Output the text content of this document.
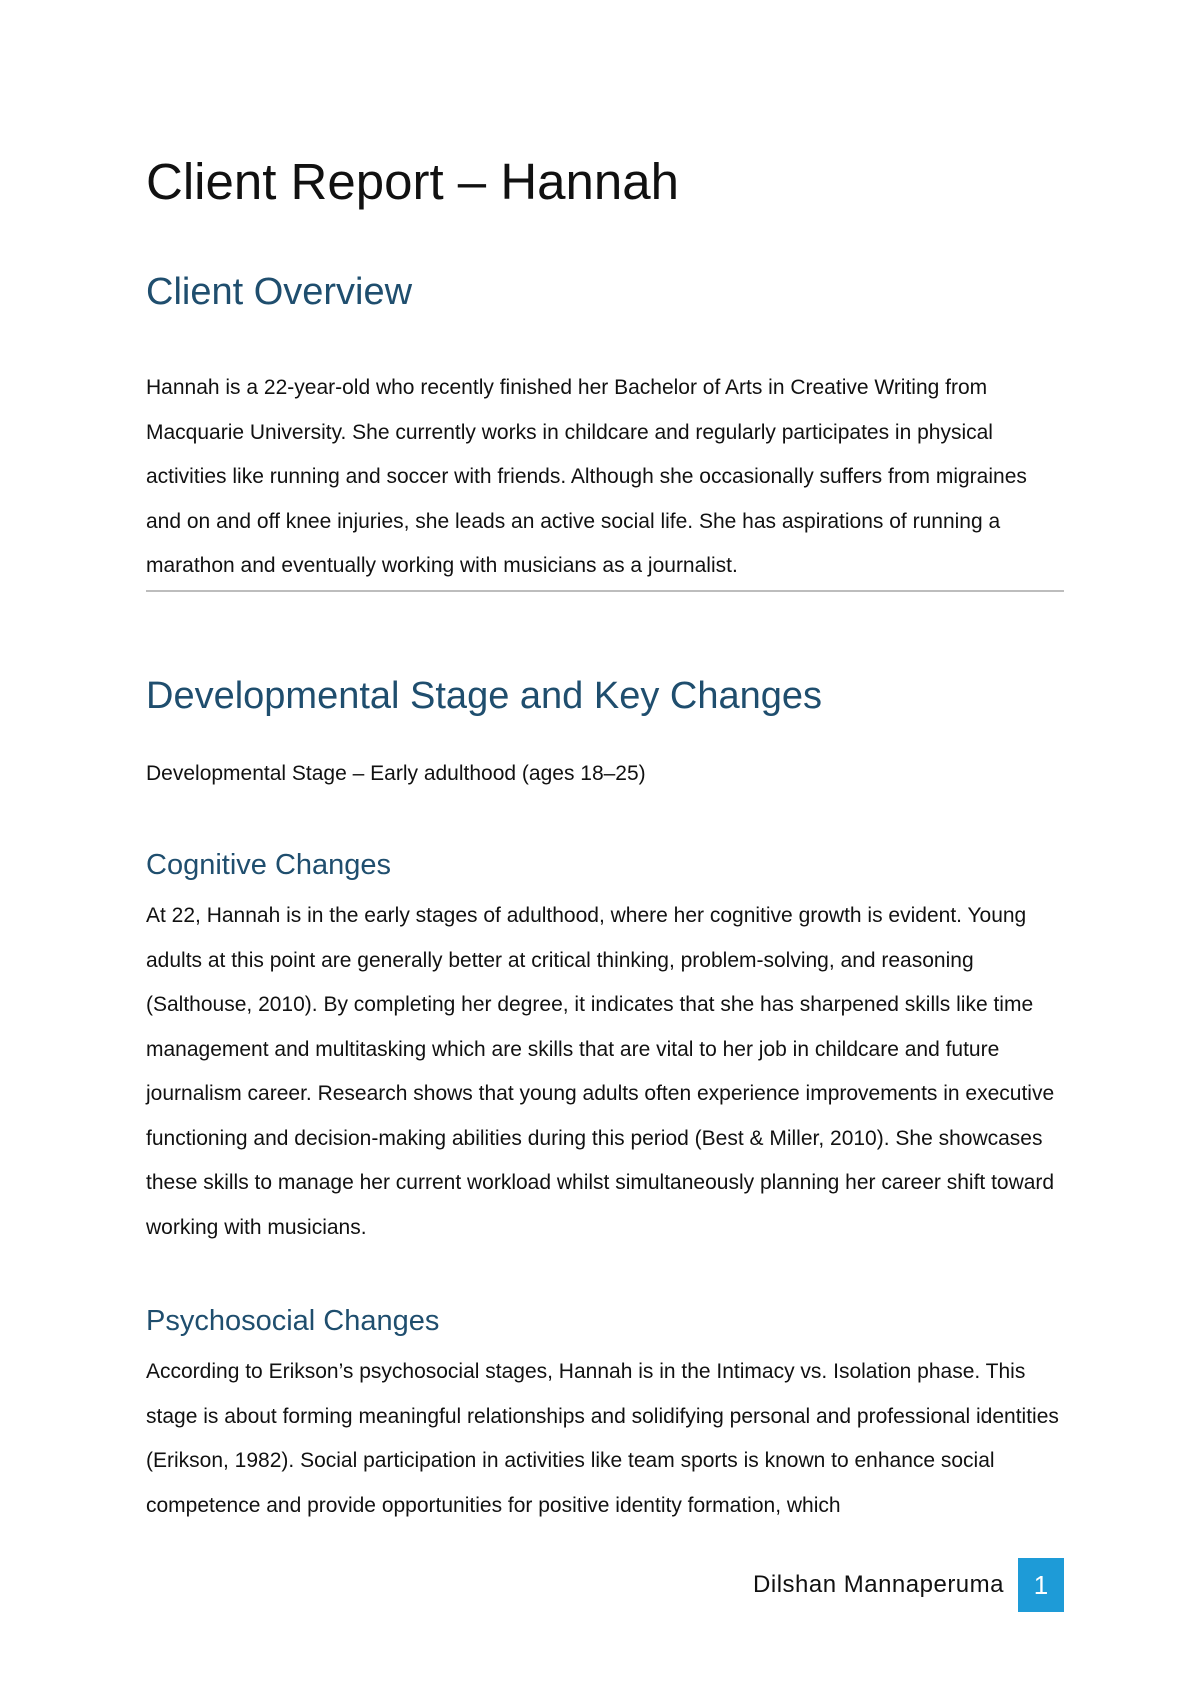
Client Report – Hannah
Client Overview

Hannah is a 22-year-old who recently finished her Bachelor of Arts in Creative Writing from Macquarie University. She currently works in childcare and regularly participates in physical activities like running and soccer with friends. Although she occasionally suffers from migraines and on and off knee injuries, she leads an active social life. She has aspirations of running a marathon and eventually working with musicians as a journalist.

Developmental Stage and Key Changes

Developmental Stage – Early adulthood (ages 18–25)

Cognitive Changes

At 22, Hannah is in the early stages of adulthood, where her cognitive growth is evident. Young adults at this point are generally better at critical thinking, problem-solving, and reasoning (Salthouse, 2010). By completing her degree, it indicates that she has sharpened skills like time management and multitasking which are skills that are vital to her job in childcare and future journalism career. Research shows that young adults often experience improvements in executive functioning and decision-making abilities during this period (Best & Miller, 2010). She showcases these skills to manage her current workload whilst simultaneously planning her career shift toward working with musicians.

Psychosocial Changes

According to Erikson’s psychosocial stages, Hannah is in the Intimacy vs. Isolation phase. This stage is about forming meaningful relationships and solidifying personal and professional identities (Erikson, 1982). Social participation in activities like team sports is known to enhance social competence and provide opportunities for positive identity formation, which

Dilshan Mannaperuma	1
